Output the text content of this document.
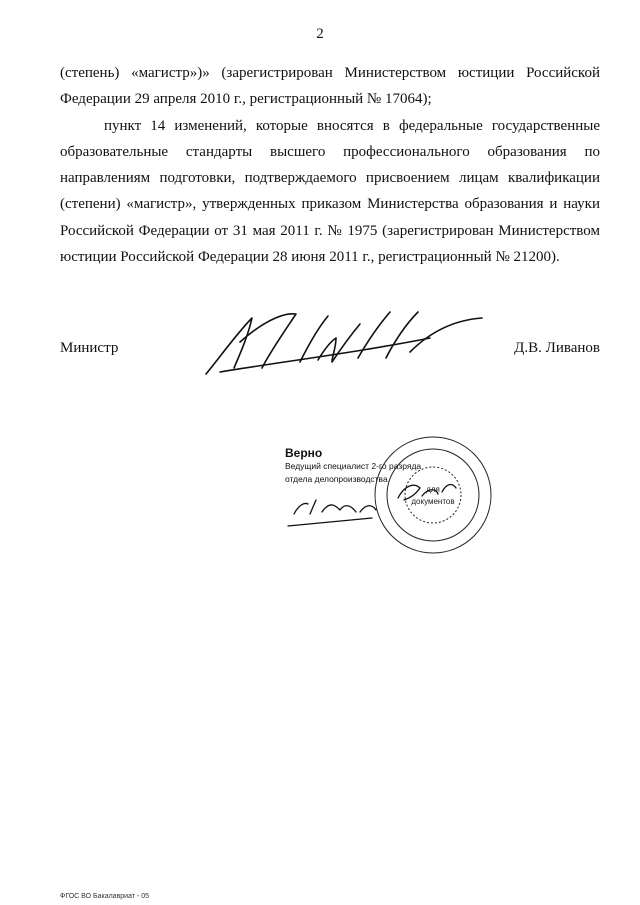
2

(степень) «магистр»)» (зарегистрирован Министерством юстиции Российской Федерации 29 апреля 2010 г., регистрационный № 17064);

пункт 14 изменений, которые вносятся в федеральные государственные образовательные стандарты высшего профессионального образования по направлениям подготовки, подтверждаемого присвоением лицам квалификации (степени) «магистр», утвержденных приказом Министерства образования и науки Российской Федерации от 31 мая 2011 г. № 1975 (зарегистрирован Министерством юстиции Российской Федерации 28 июня 2011 г., регистрационный № 21200).

Министр	Д.В. Ливанов
Верно
Ведущий специалист 2-го разряда
отдела делопроизводства
для
документов
ФГОС ВО Бакалавриат - 05
